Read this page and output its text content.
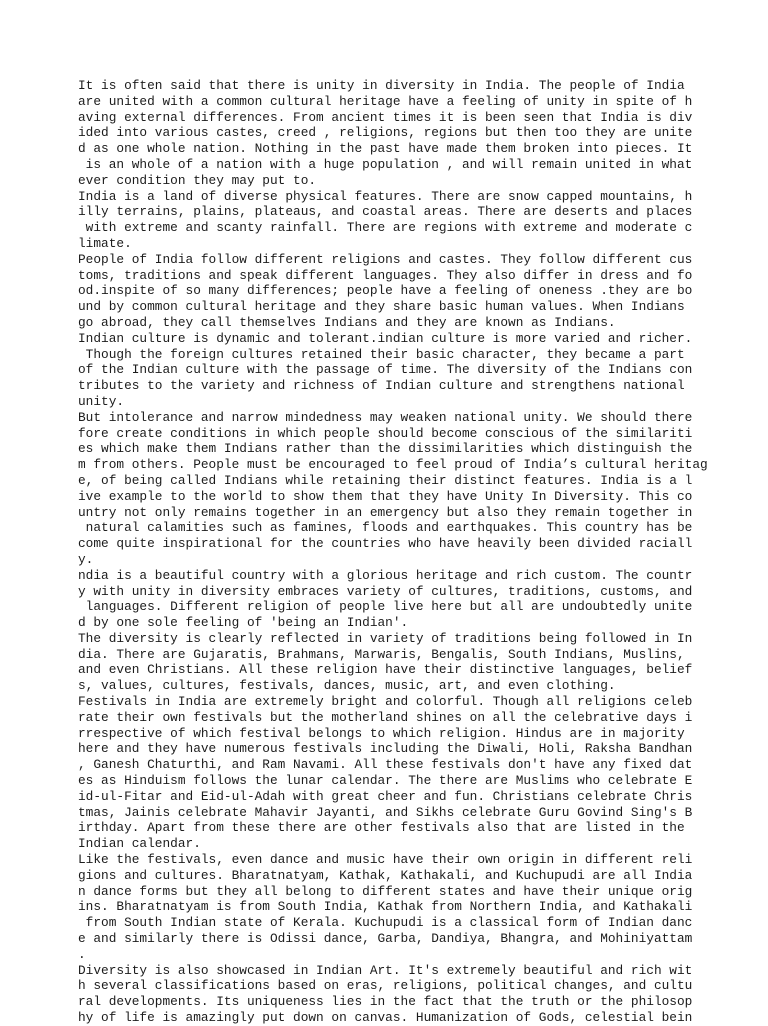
It is often said that there is unity in diversity in India. The people of India
are united with a common cultural heritage have a feeling of unity in spite of h
aving external differences. From ancient times it is been seen that India is div
ided into various castes, creed , religions, regions but then too they are unite
d as one whole nation. Nothing in the past have made them broken into pieces. It
is an whole of a nation with a huge population , and will remain united in what
ever condition they may put to.
India is a land of diverse physical features. There are snow capped mountains, h
illy terrains, plains, plateaus, and coastal areas. There are deserts and places
with extreme and scanty rainfall. There are regions with extreme and moderate c
limate.
People of India follow different religions and castes. They follow different cus
toms, traditions and speak different languages. They also differ in dress and fo
od.inspite of so many differences; people have a feeling of oneness .they are bo
und by common cultural heritage and they share basic human values. When Indians
go abroad, they call themselves Indians and they are known as Indians.
Indian culture is dynamic and tolerant.indian culture is more varied and richer.
Though the foreign cultures retained their basic character, they became a part
of the Indian culture with the passage of time. The diversity of the Indians con
tributes to the variety and richness of Indian culture and strengthens national
unity.
But intolerance and narrow mindedness may weaken national unity. We should there
fore create conditions in which people should become conscious of the similariti
es which make them Indians rather than the dissimilarities which distinguish the
m from others. People must be encouraged to feel proud of India’s cultural heritag
e, of being called Indians while retaining their distinct features. India is a l
ive example to the world to show them that they have Unity In Diversity. This co
untry not only remains together in an emergency but also they remain together in
natural calamities such as famines, floods and earthquakes. This country has be
come quite inspirational for the countries who have heavily been divided raciall
y.
ndia is a beautiful country with a glorious heritage and rich custom. The countr
y with unity in diversity embraces variety of cultures, traditions, customs, and
languages. Different religion of people live here but all are undoubtedly unite
d by one sole feeling of 'being an Indian'.
The diversity is clearly reflected in variety of traditions being followed in In
dia. There are Gujaratis, Brahmans, Marwaris, Bengalis, South Indians, Muslins,
and even Christians. All these religion have their distinctive languages, belief
s, values, cultures, festivals, dances, music, art, and even clothing.
Festivals in India are extremely bright and colorful. Though all religions celeb
rate their own festivals but the motherland shines on all the celebrative days i
rrespective of which festival belongs to which religion. Hindus are in majority
here and they have numerous festivals including the Diwali, Holi, Raksha Bandhan
, Ganesh Chaturthi, and Ram Navami. All these festivals don't have any fixed dat
es as Hinduism follows the lunar calendar. The there are Muslims who celebrate E
id-ul-Fitar and Eid-ul-Adah with great cheer and fun. Christians celebrate Chris
tmas, Jainis celebrate Mahavir Jayanti, and Sikhs celebrate Guru Govind Sing's B
irthday. Apart from these there are other festivals also that are listed in the
Indian calendar.
Like the festivals, even dance and music have their own origin in different reli
gions and cultures. Bharatnatyam, Kathak, Kathakali, and Kuchupudi are all India
n dance forms but they all belong to different states and have their unique orig
ins. Bharatnatyam is from South India, Kathak from Northern India, and Kathakali
from South Indian state of Kerala. Kuchupudi is a classical form of Indian danc
e and similarly there is Odissi dance, Garba, Dandiya, Bhangra, and Mohiniyattam
.
Diversity is also showcased in Indian Art. It's extremely beautiful and rich wit
h several classifications based on eras, religions, political changes, and cultu
ral developments. Its uniqueness lies in the fact that the truth or the philosop
hy of life is amazingly put down on canvas. Humanization of Gods, celestial bein
